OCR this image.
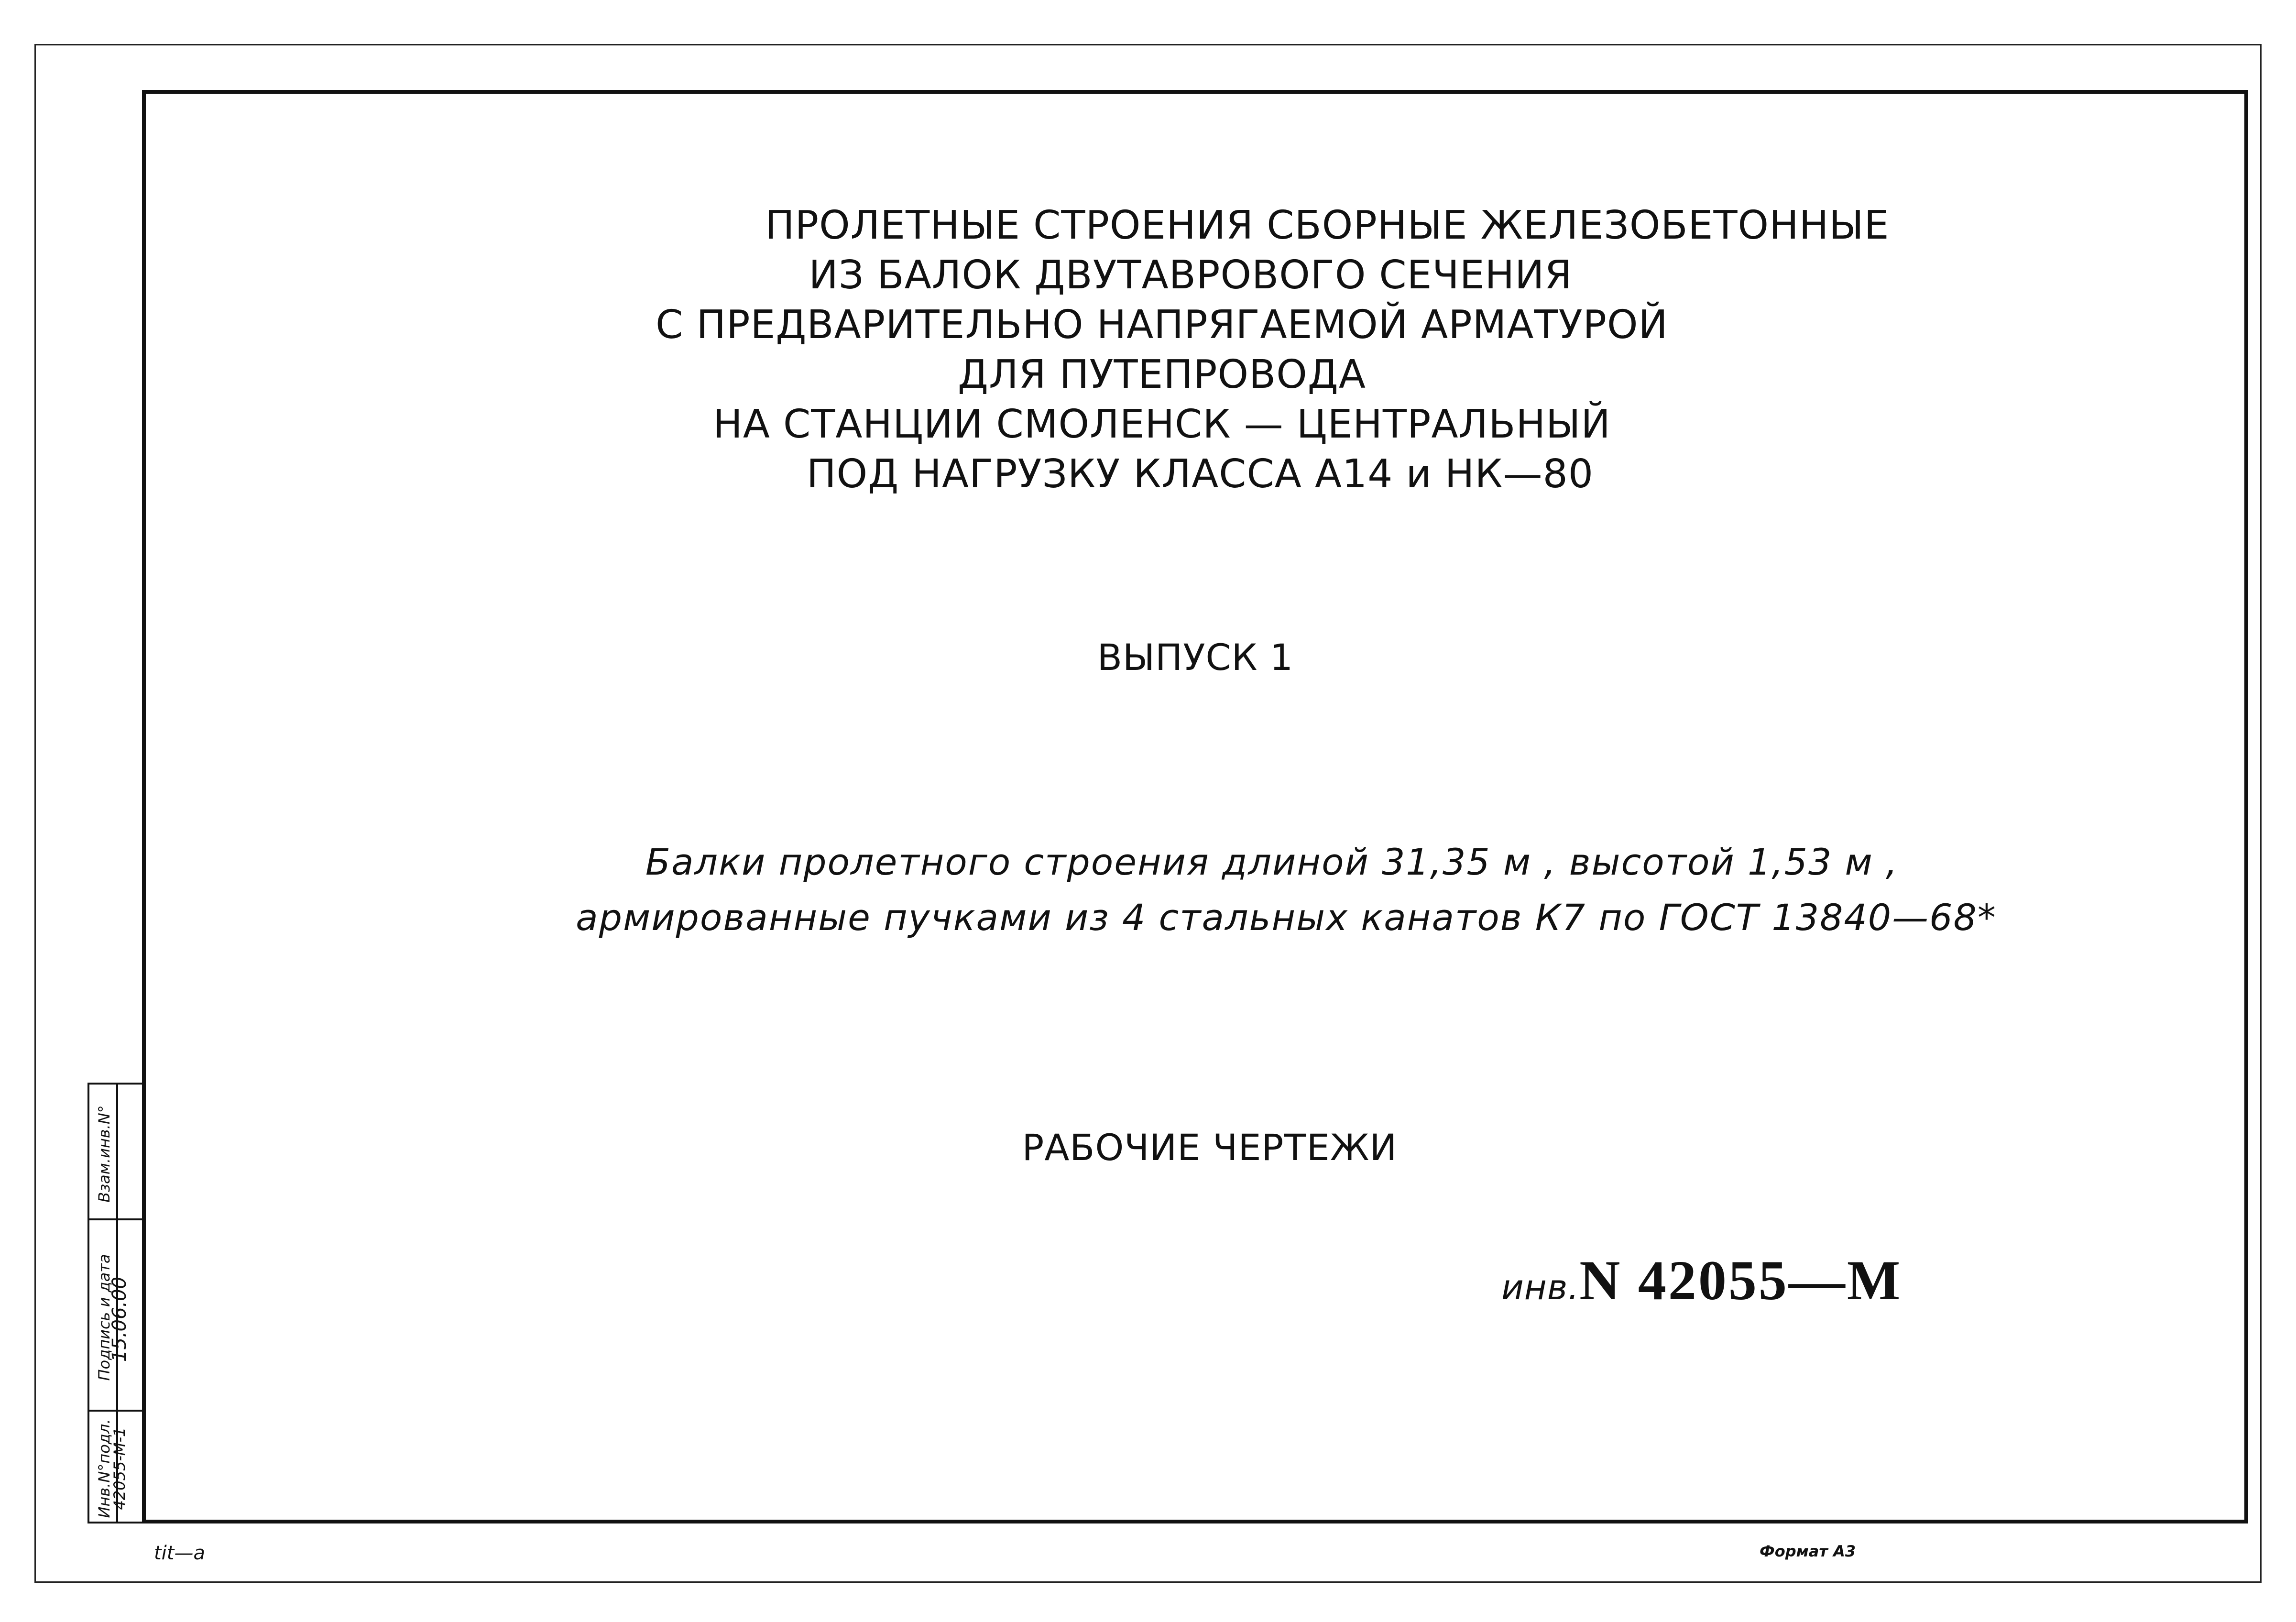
ПРОЛЕТНЫЕ СТРОЕНИЯ СБОРНЫЕ ЖЕЛЕЗОБЕТОННЫЕ
ИЗ БАЛОК ДВУТАВРОВОГО СЕЧЕНИЯ
С ПРЕДВАРИТЕЛЬНО НАПРЯГАЕМОЙ АРМАТУРОЙ
ДЛЯ ПУТЕПРОВОДА
НА СТАНЦИИ СМОЛЕНСК — ЦЕНТРАЛЬНЫЙ
ПОД НАГРУЗКУ КЛАССА А14 и НК—80
ВЫПУСК 1
Балки пролетного строения длиной 31,35 м , высотой 1,53 м ,
армированные пучками из 4 стальных канатов К7 по ГОСТ 13840—68*
РАБОЧИЕ ЧЕРТЕЖИ
инв.N 42055—М
Взам.инв.N°
Подпись и дата
15.06.00
Инв.N°подл.
42055-М-1
tit—a	Формат А3
